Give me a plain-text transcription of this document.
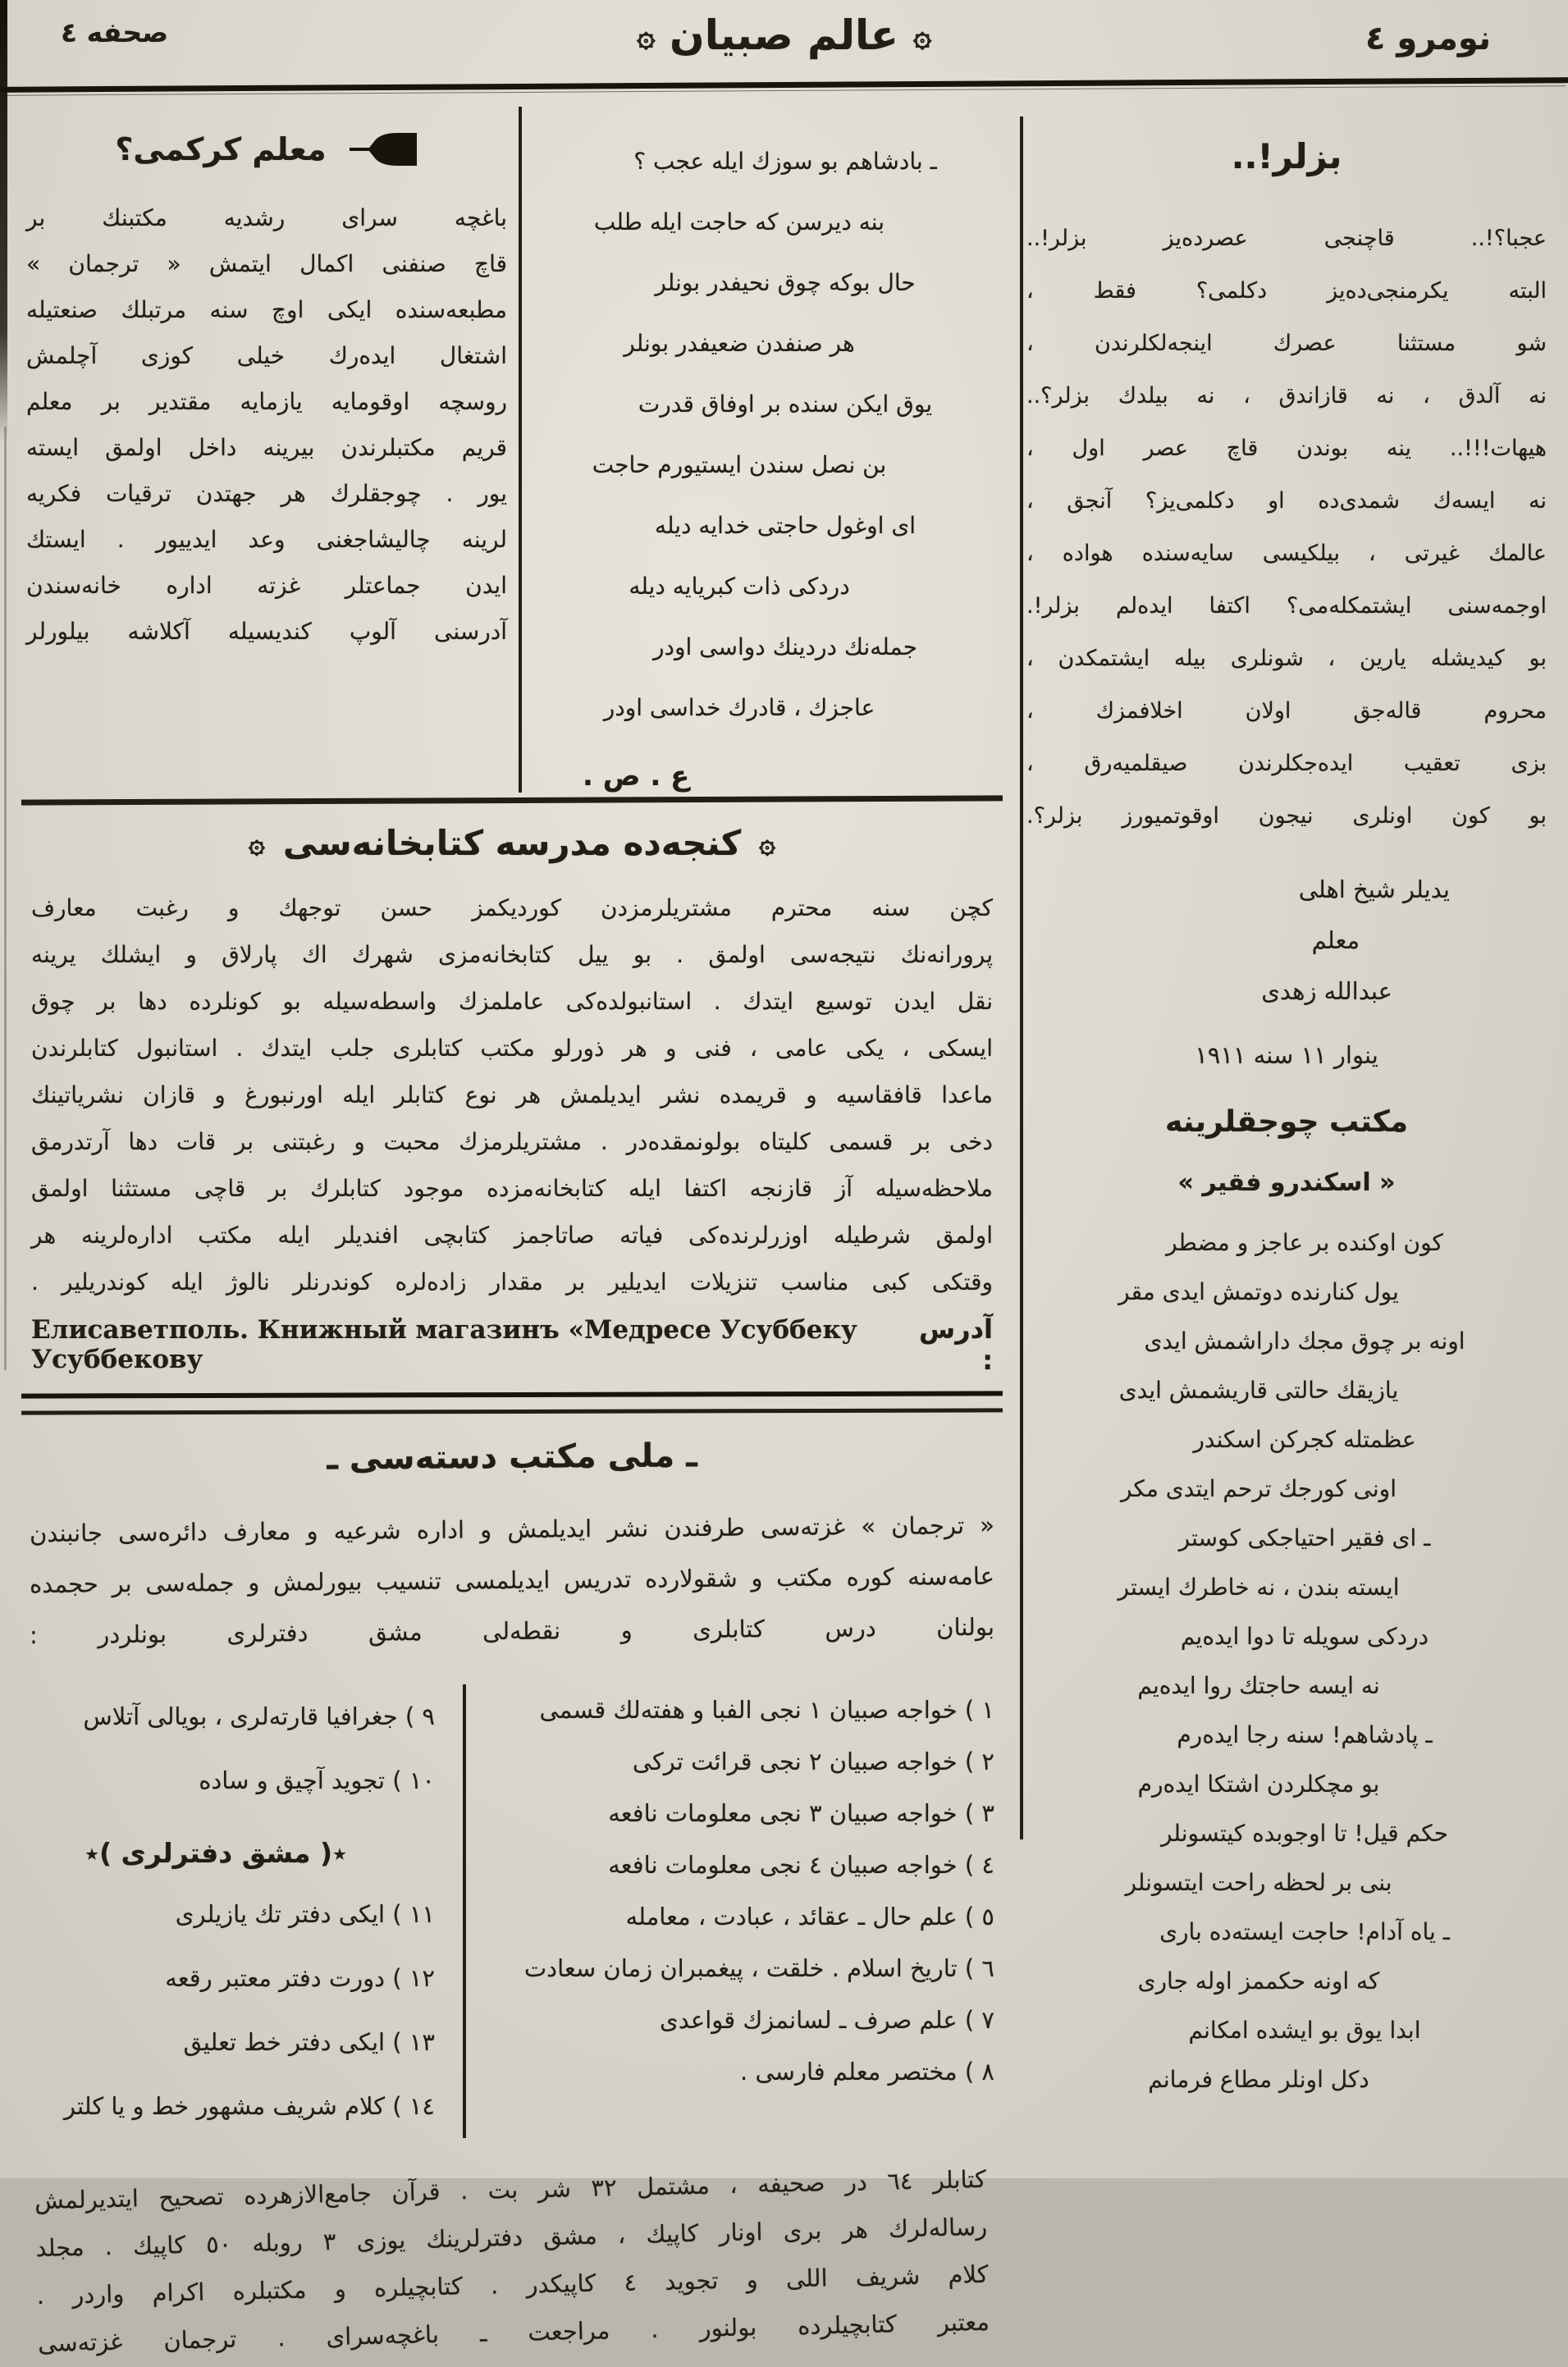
صحفه ٤	۞
عالم صبيان
۞	نومرو ٤
بزلر!..
عجبا؟!.. قاچنجى عصرده‌يز بزلر!..
البته يكرمنجى‌ده‌يز دكلمى؟ فقط ،
شو مستثنا عصرك اينجه‌لكلرندن ،
نه آلدق ، نه قازاندق ، نه بيلدك بزلر؟..
هيهات!!!.. ينه بوندن قاچ عصر اول ،
نه ايسه‌ك شمدى‌ده او دكلمى‌يز؟ آنجق ،
عالمك غيرتى ، بيلكيسى سايه‌سنده هواده ،
اوجمه‌سنى ايشتمكله‌مى؟ اكتفا ايده‌لم بزلر!.
بو كيديشله يارين ، شونلرى بيله ايشتمكدن ،
محروم قاله‌جق اولان اخلافمزك ،
بزى تعقيب ايده‌جكلرندن صيقلميه‌رق ،
بو كون اونلرى نيجون اوقوتميورز بزلر؟.
يديلر شيخ اهلى
معلم
عبدالله زهدى
ينوار ١١ سنه ١٩١١
مكتب چوجقلرينه
« اسكندرو فقير »
كون اوكنده بر عاجز و مضطر
يول كنارنده دوتمش ايدى مقر
اونه بر چوق مجك داراشمش ايدى
يازيقك حالتى قاريشمش ايدى
عظمتله كجركن اسكندر
اونى كورجك ترحم ايتدى مكر
ـ اى فقير احتياجكى كوستر
ايسته بندن ، نه خاطرك ايستر
دردكى سويله تا دوا ايده‌يم
نه ايسه حاجتك روا ايده‌يم
ـ پادشاهم! سنه رجا ايده‌رم
بو مچكلردن اشتكا ايده‌رم
حكم قيل! تا اوجوبده كيتسونلر
بنى بر لحظه راحت ايتسونلر
ـ ياه آدام! حاجت ايسته‌ده بارى
كه اونه حكممز اوله جارى
ابدا يوق بو ايشده امكانم
دكل اونلر مطاع فرمانم
ـ بادشاهم بو سوزك ايله عجب ؟
بنه ديرسن كه حاجت ايله طلب
حال بوكه چوق نحيفدر بونلر
هر صنفدن ضعيفدر بونلر
يوق ايكن سنده بر اوفاق قدرت
بن نصل سندن ايستيورم حاجت
اى اوغول حاجتى خدايه ديله
دردكى ذات كبريايه ديله
جمله‌نك دردينك دواسى اودر
عاجزك ، قادرك خداسى اودر
ع . ص .
معلم كركمى؟
باغچه سراى رشديه مكتبنك بر
قاچ صنفنى اكمال ايتمش « ترجمان »
مطبعه‌سنده ايكى اوچ سنه مرتبلك صنعتيله
اشتغال ايده‌رك خيلى كوزى آچلمش
روسچه اوقومايه يازمايه مقتدير بر معلم
قريم مكتبلرندن بيرينه داخل اولمق ايسته
يور . چوجقلرك هر جهتدن ترقيات فكريه
لرينه چاليشاجغنى وعد ايدييور . ايستك
ايدن جماعتلر غزته اداره خانه‌سندن
آدرسنى آلوپ كنديسيله آكلاشه بيلورلر
۞
كنجه‌ده مدرسه كتابخانه‌سى
۞
كچن سنه محترم مشتريلرمزدن كورديكمز حسن توجهك و رغبت معارف
پرورانه‌نك نتيجه‌سى اولمق . بو ييل كتابخانه‌مزى شهرك اك پارلاق و ايشلك يرينه
نقل ايدن توسيع ايتدك . استانبولده‌كى عاملمزك واسطه‌سيله بو كونلرده دها بر چوق
ايسكى ، يكى عامى ، فنى و هر ذورلو مكتب كتابلرى جلب ايتدك . استانبول كتابلرندن
ماعدا قافقاسيه و قريمده نشر ايديلمش هر نوع كتابلر ايله اورنبورغ و قازان نشرياتينك
دخى بر قسمى كليتاه بولونمقده‌در . مشتريلرمزك محبت و رغبتنى بر قات دها آرتدرمق
ملاحظه‌سيله آز قازنجه اكتفا ايله كتابخانه‌مزده موجود كتابلرك بر قاچى مستثنا اولمق
اولمق شرطيله اوزرلرنده‌كى فياته صاتاجمز كتابچى افنديلر ايله مكتب اداره‌لرينه هر
وقتكى كبى مناسب تنزيلات ايديلير بر مقدار زاده‌لره كوندرنلر نالوژ ايله كوندريلير .
آدرس :
Елисаветполь. Книжный магазинъ «Медресе Усуббеку Усуббекову
ـ ملى مكتب دسته‌سى ـ
« ترجمان » غزته‌سى طرفندن نشر ايديلمش و اداره شرعيه و معارف دائره‌سى جانبندن
عامه‌سنه كوره مكتب و شقولارده تدريس ايديلمسى تنسيب بيورلمش و جمله‌سى بر حجمده
بولنان درس كتابلرى و نقطه‌لى مشق دفترلرى بونلردر :
١ ) خواجه صبيان ١ نجى الفبا و هفته‌لك قسمى
٢ ) خواجه صبيان ٢ نجى قرائت تركى
٣ ) خواجه صبيان ٣ نجى معلومات نافعه
٤ ) خواجه صبيان ٤ نجى معلومات نافعه
٥ ) علم حال ـ عقائد ، عبادت ، معامله
٦ ) تاريخ اسلام . خلقت ، پيغمبران زمان سعادت
٧ ) علم صرف ـ لسانمزك قواعدى
٨ ) مختصر معلم فارسى .
٩ ) جغرافيا قارته‌لرى ، بويالى آتلاس
١٠ ) تجويد آچيق و ساده
٭( مشق دفترلرى )٭
١١ ) ايكى دفتر تك يازيلرى
١٢ ) دورت دفتر معتبر رقعه
١٣ ) ايكى دفتر خط تعليق
١٤ ) كلام شريف مشهور خط و يا كلتر
كتابلر ٦٤ در صحيفه ، مشتمل ٣٢ شر بت . قرآن جامع‌الازهرده تصحيح ايتديرلمش
رساله‌لرك هر برى اونار كاپيك ، مشق دفترلرينك يوزى ٣ روبله ٥٠ كاپيك . مجلد
كلام شريف اللى و تجويد ٤ كاپيكدر . كتابچيلره و مكتبلره اكرام واردر .
معتبر كتابچيلرده بولنور . مراجعت ـ باغچه‌سراى . ترجمان غزته‌سى
